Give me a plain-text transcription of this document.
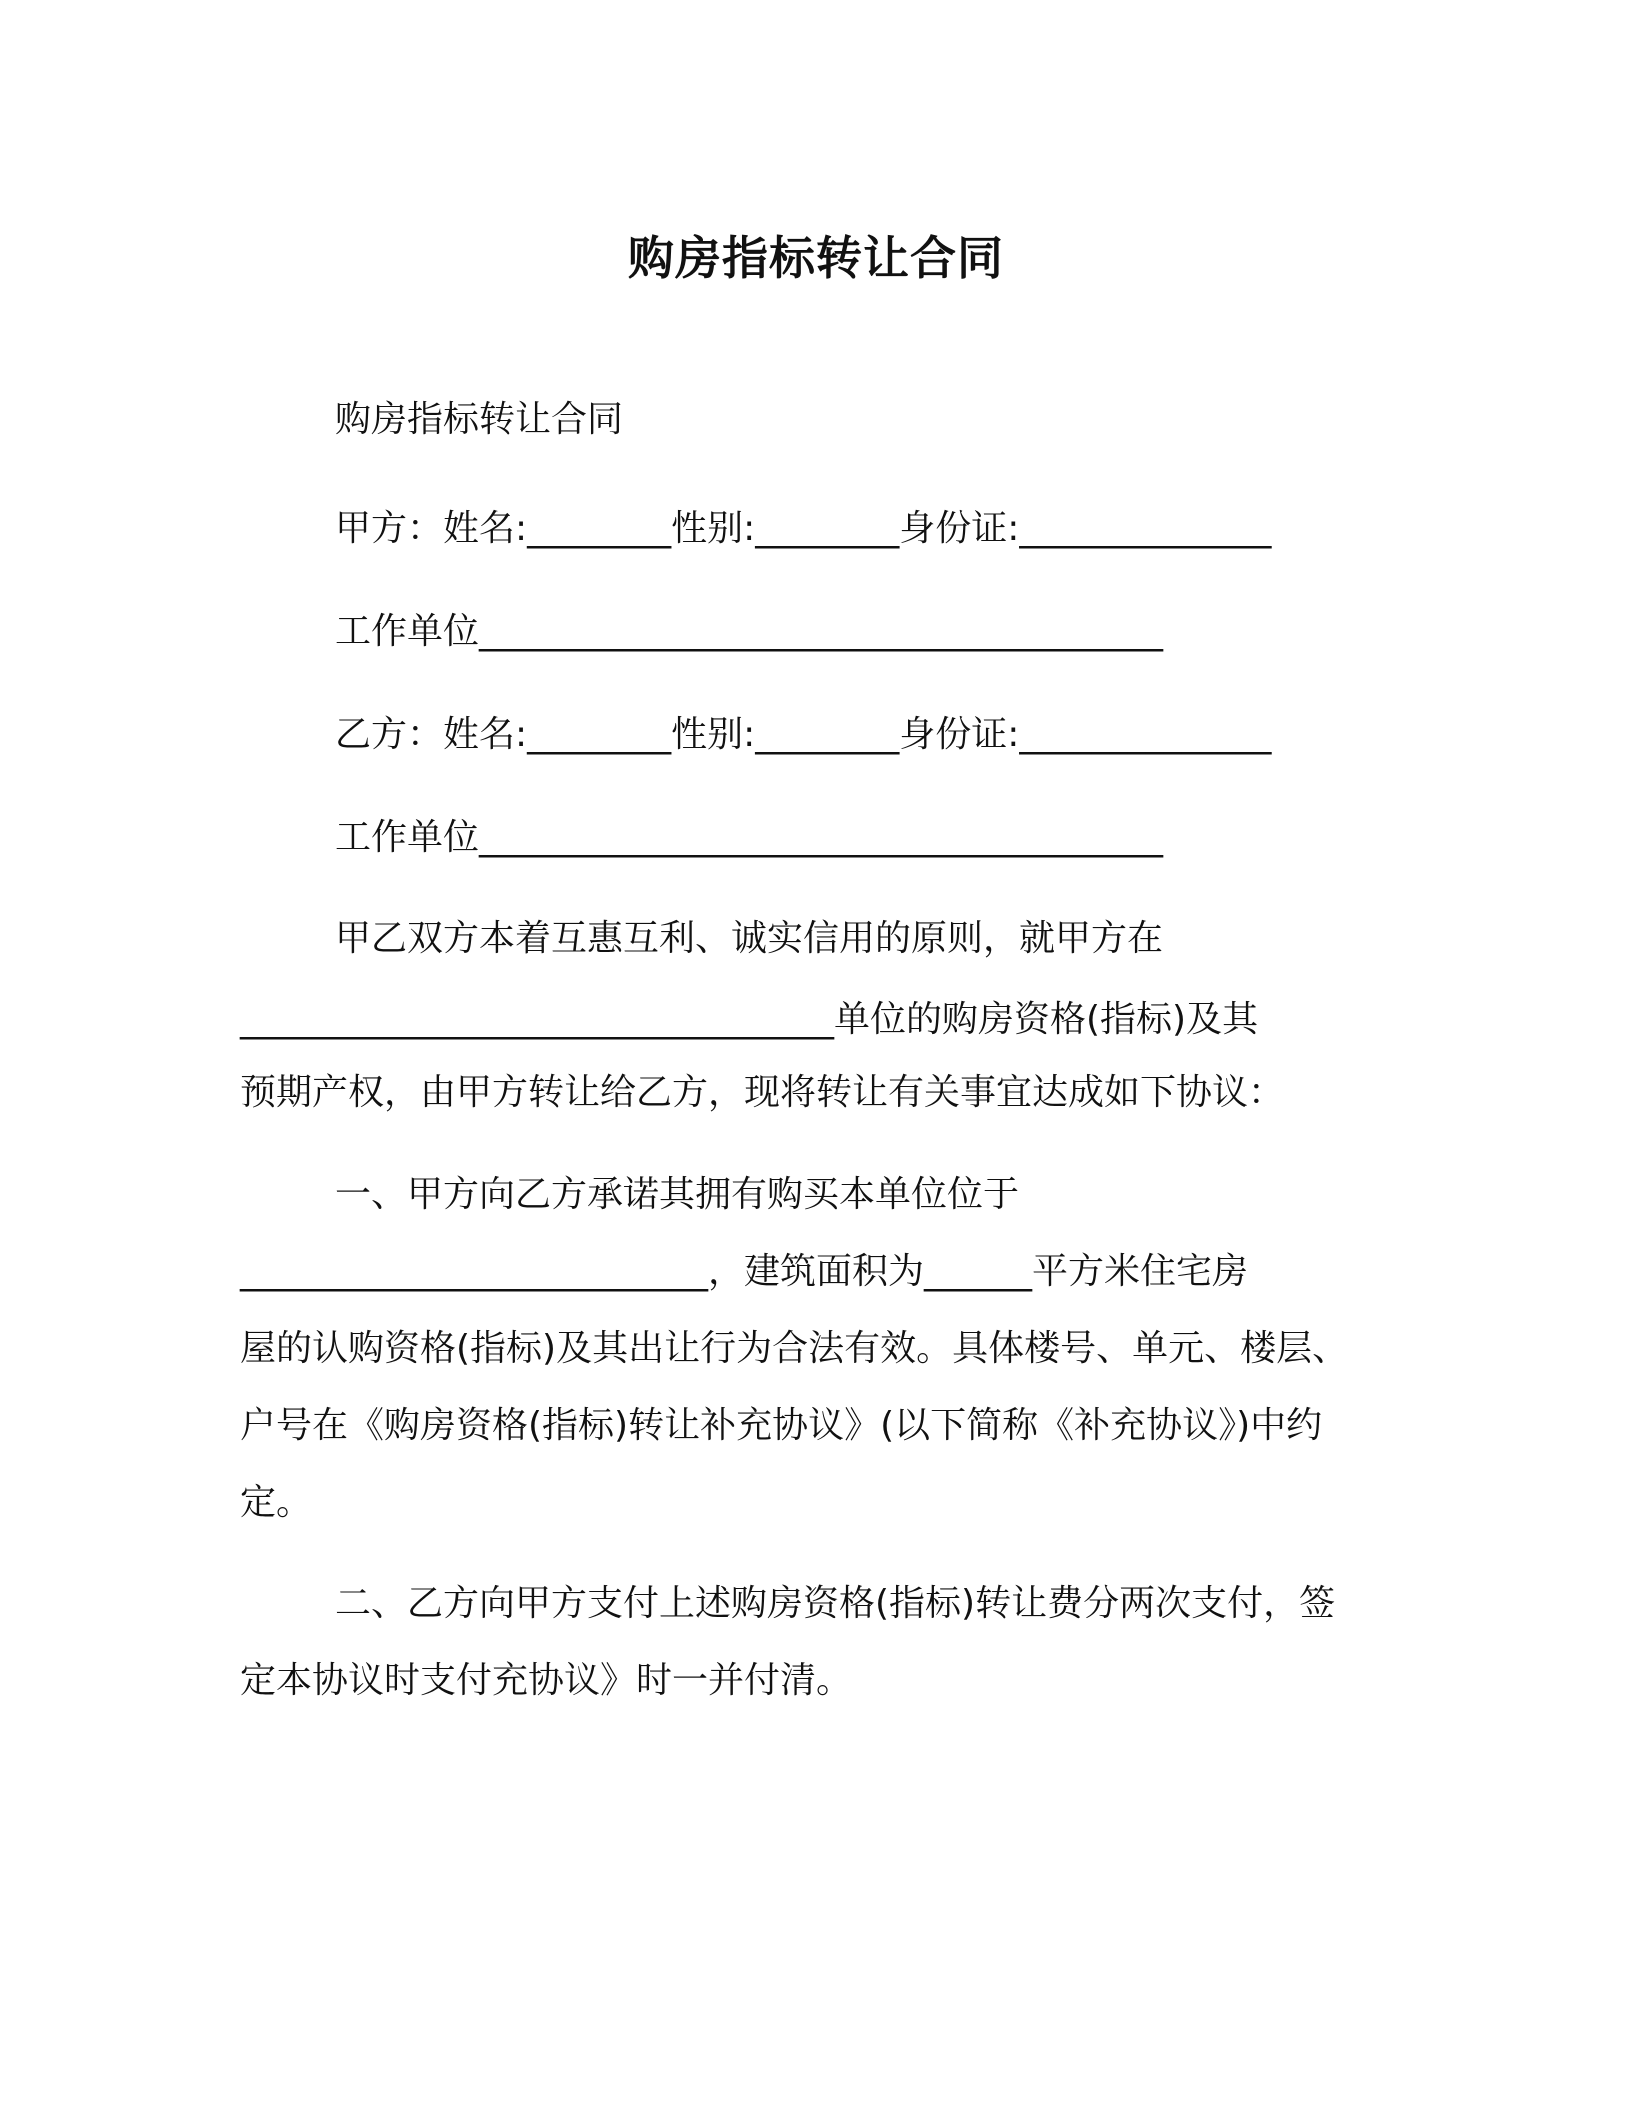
购房指标转让合同
购房指标转让合同
甲方：姓名:________性别:________身份证:______________
工作单位______________________________________
乙方：姓名:________性别:________身份证:______________
工作单位______________________________________
甲乙双方本着互惠互利、诚实信用的原则，就甲方在
_________________________________单位的购房资格(指标)及其
预期产权，由甲方转让给乙方，现将转让有关事宜达成如下协议：
一、甲方向乙方承诺其拥有购买本单位位于
__________________________，建筑面积为______平方米住宅房
屋的认购资格(指标)及其出让行为合法有效。具体楼号、单元、楼层、
户号在《购房资格(指标)转让补充协议》(以下简称《补充协议》)中约
定。
二、乙方向甲方支付上述购房资格(指标)转让费分两次支付，签
定本协议时支付充协议》时一并付清。
